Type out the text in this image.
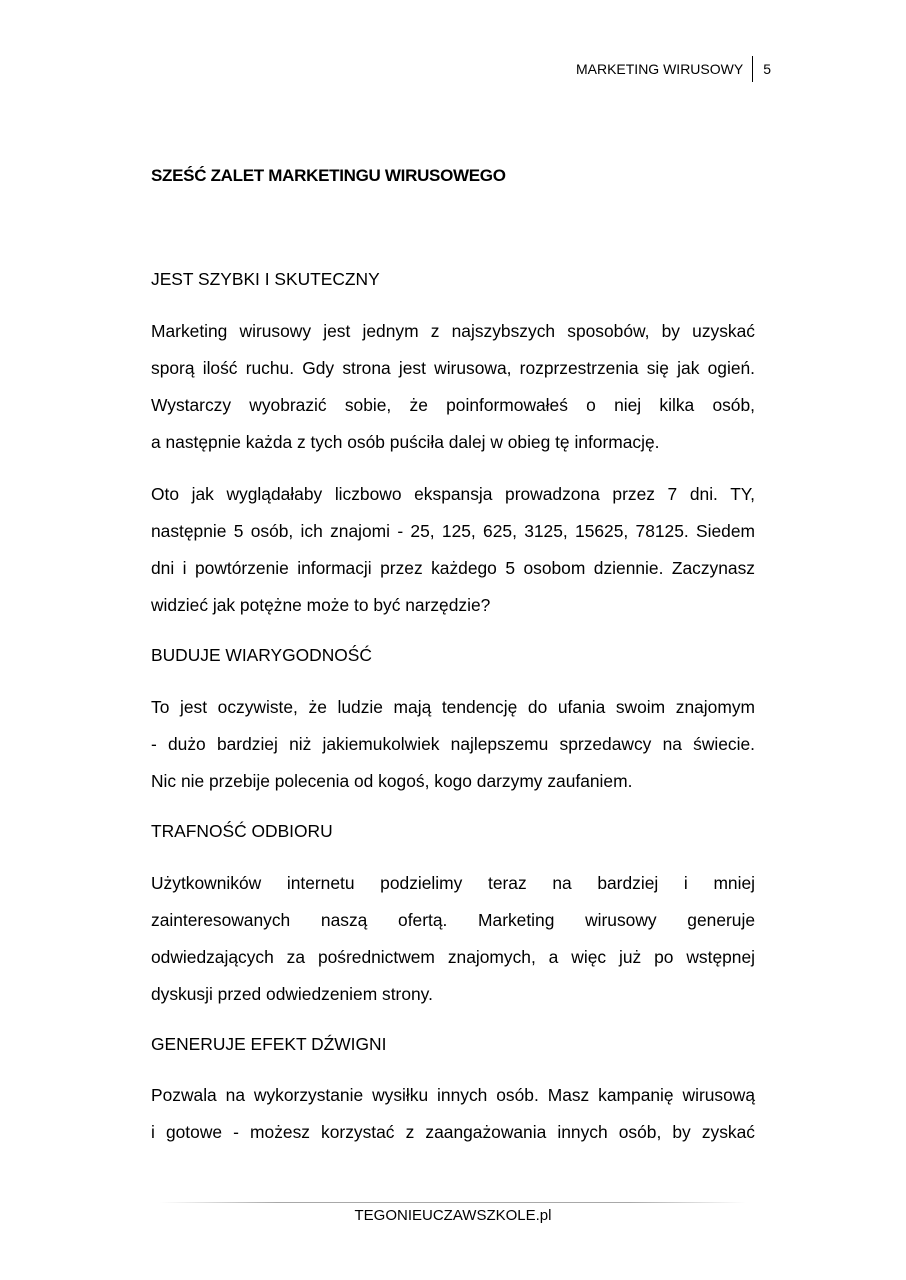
MARKETING WIRUSOWY	5
SZEŚĆ ZALET MARKETINGU WIRUSOWEGO
JEST SZYBKI I SKUTECZNY
Marketing wirusowy jest jednym z najszybszych sposobów, by uzyskać
sporą ilość ruchu. Gdy strona jest wirusowa, rozprzestrzenia się jak ogień.
Wystarczy wyobrazić sobie, że poinformowałeś o niej kilka osób,
a następnie każda z tych osób puściła dalej w obieg tę informację.
Oto jak wyglądałaby liczbowo ekspansja prowadzona przez 7 dni. TY,
następnie 5 osób, ich znajomi - 25, 125, 625, 3125, 15625, 78125. Siedem
dni i powtórzenie informacji przez każdego 5 osobom dziennie. Zaczynasz
widzieć jak potężne może to być narzędzie?
BUDUJE WIARYGODNOŚĆ
To jest oczywiste, że ludzie mają tendencję do ufania swoim znajomym
- dużo bardziej niż jakiemukolwiek najlepszemu sprzedawcy na świecie.
Nic nie przebije polecenia od kogoś, kogo darzymy zaufaniem.
TRAFNOŚĆ ODBIORU
Użytkowników internetu podzielimy teraz na bardziej i mniej
zainteresowanych naszą ofertą. Marketing wirusowy generuje
odwiedzających za pośrednictwem znajomych, a więc już po wstępnej
dyskusji przed odwiedzeniem strony.
GENERUJE EFEKT DŹWIGNI
Pozwala na wykorzystanie wysiłku innych osób. Masz kampanię wirusową
i gotowe - możesz korzystać z zaangażowania innych osób, by zyskać
TEGONIEUCZAWSZKOLE.pl
